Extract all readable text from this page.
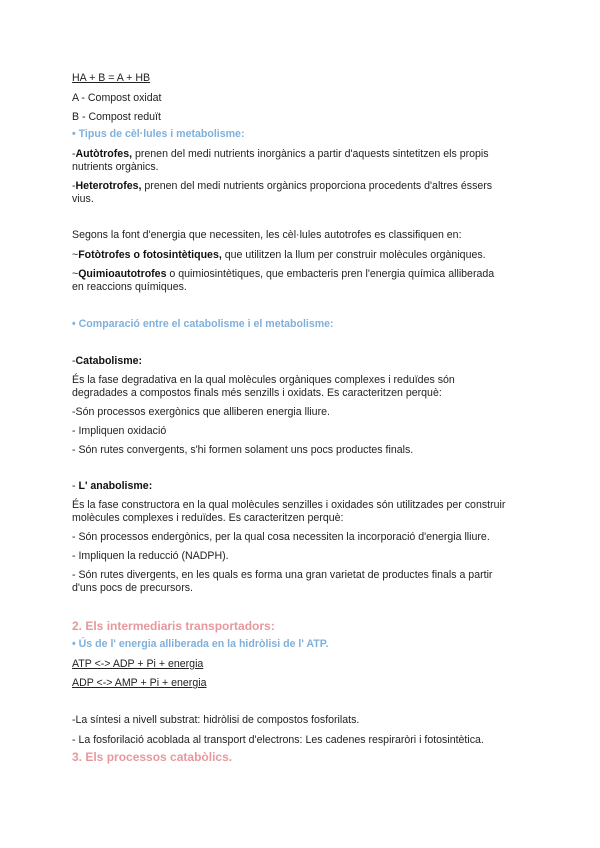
HA + B = A + HB
A - Compost oxidat
B - Compost reduït
• Tipus de cèl·lules i metabolisme:
-Autòtrofes, prenen del medi nutrients inorgànics a partir d'aquests sintetitzen els propis
nutrients orgànics.
-Heterotrofes, prenen del medi nutrients orgànics proporciona procedents d'altres éssers
vius.
Segons la font d'energia que necessiten, les cèl·lules autotrofes es classifiquen en:
~Fotòtrofes o fotosintètiques, que utilitzen la llum per construir molècules orgàniques.
~Quimioautotrofes o quimiosintètiques, que embacteris pren l'energia química alliberada
en reaccions químiques.
• Comparació entre el catabolisme i el metabolisme:
-Catabolisme:
És la fase degradativa en la qual molècules orgàniques complexes i reduïdes són
degradades a compostos finals més senzills i oxidats. Es caracteritzen perquè:
-Són processos exergònics que alliberen energia lliure.
- Impliquen oxidació
- Són rutes convergents, s'hi formen solament uns pocs productes finals.
- L' anabolisme:
És la fase constructora en la qual molècules senzilles i oxidades són utilitzades per construir
molècules complexes i reduïdes. Es caracteritzen perquè:
- Són processos endergònics, per la qual cosa necessiten la incorporació d'energia lliure.
- Impliquen la reducció (NADPH).
- Són rutes divergents, en les quals es forma una gran varietat de productes finals a partir
d'uns pocs de precursors.
2. Els intermediaris transportadors:
• Ús de l' energia alliberada en la hidròlisi de l' ATP.
ATP <-> ADP + Pi + energia
ADP <-> AMP + Pi + energia
-La síntesi a nivell substrat: hidròlisi de compostos fosforilats.
- La fosforilació acoblada al transport d'electrons: Les cadenes respiraròri i fotosintètica.
3. Els processos catabòlics.
